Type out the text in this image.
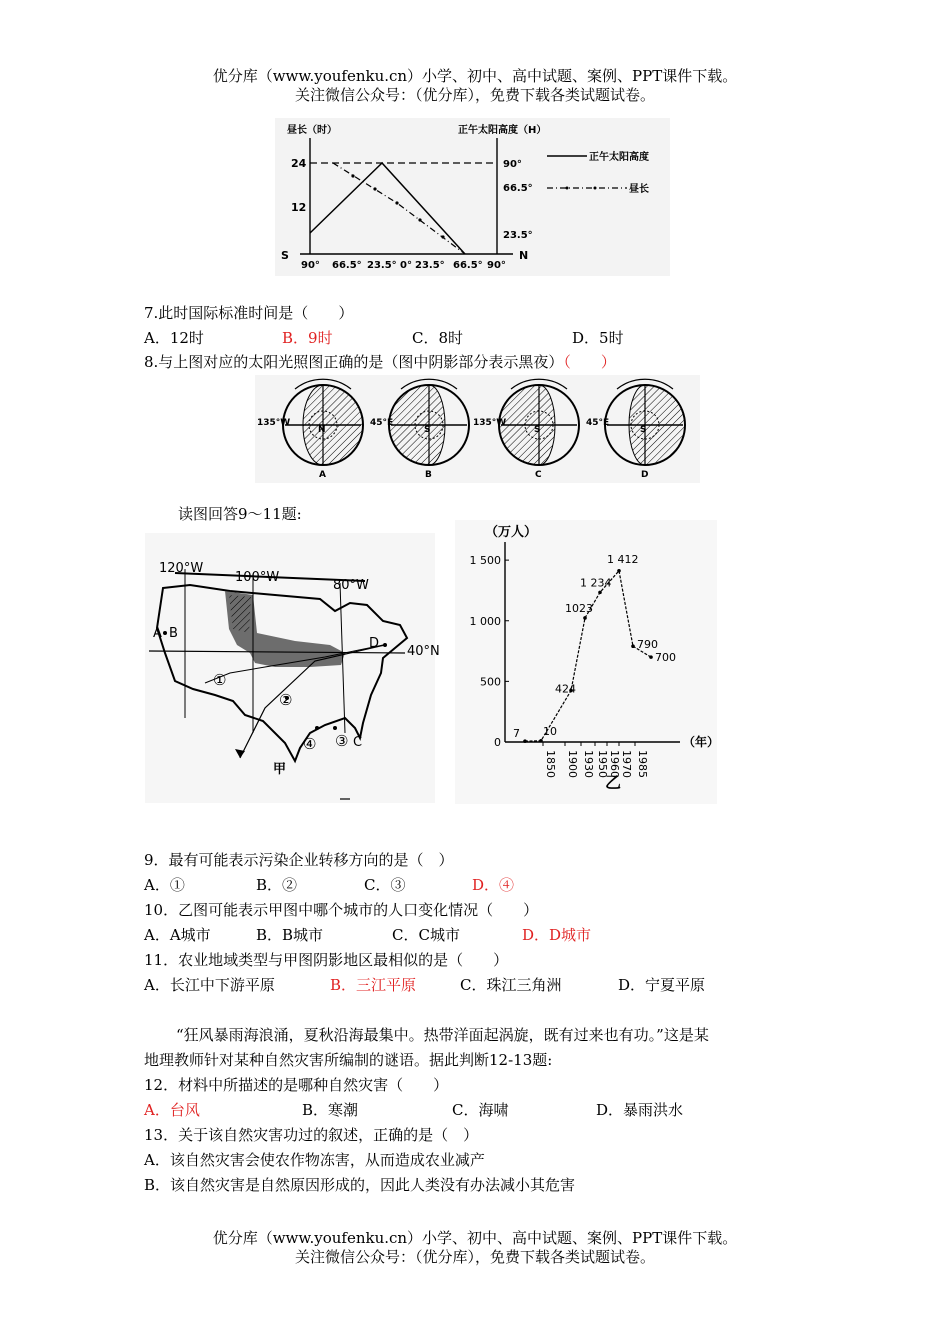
优分库（www.youfenku.cn）小学、初中、高中试题、案例、PPT课件下载。
关注微信公众号：（优分库），免费下载各类试题试卷。
昼长（时）	正午太阳高度（H）
24
12
S	N
90°
66.5°
23.5°
90° 66.5° 23.5° 0° 23.5° 66.5° 90°
正午太阳高度
昼长
7.此时国际标准时间是（　　）
A．12时	B．9时	C．8时	D．5时
8.与上图对应的太阳光照图正确的是（图中阴影部分表示黑夜）（　　）
135°W
N
A
45°E
S
B
135°W
S
C
45°E
S
D
读图回答9～11题:
120°W
100°W
80°W
40°N
A B
C
D
①
②
③
④
甲
（万人）
（年）
乙
1 500
1 000
500
0
1850 1900 1930 1950 1960 1970 1985
7 10
424
1023
1 234
1 412
790
700
9．最有可能表示污染企业转移方向的是（　）
A．①	B．②	C．③	D．④
10．乙图可能表示甲图中哪个城市的人口变化情况（　　）
A．A城市	B．B城市	C．C城市	D．D城市
11．农业地域类型与甲图阴影地区最相似的是（　　）
A．长江中下游平原	B．三江平原	C．珠江三角洲	D．宁夏平原
“狂风暴雨海浪涌，夏秋沿海最集中。热带洋面起涡旋，既有过来也有功。”这是某
地理教师针对某种自然灾害所编制的谜语。据此判断12-13题:
12．材料中所描述的是哪种自然灾害（　　）
A．台风	B．寒潮	C．海啸	D．暴雨洪水
13．关于该自然灾害功过的叙述，正确的是（　）
A．该自然灾害会使农作物冻害，从而造成农业减产
B．该自然灾害是自然原因形成的，因此人类没有办法减小其危害
优分库（www.youfenku.cn）小学、初中、高中试题、案例、PPT课件下载。
关注微信公众号：（优分库），免费下载各类试题试卷。
